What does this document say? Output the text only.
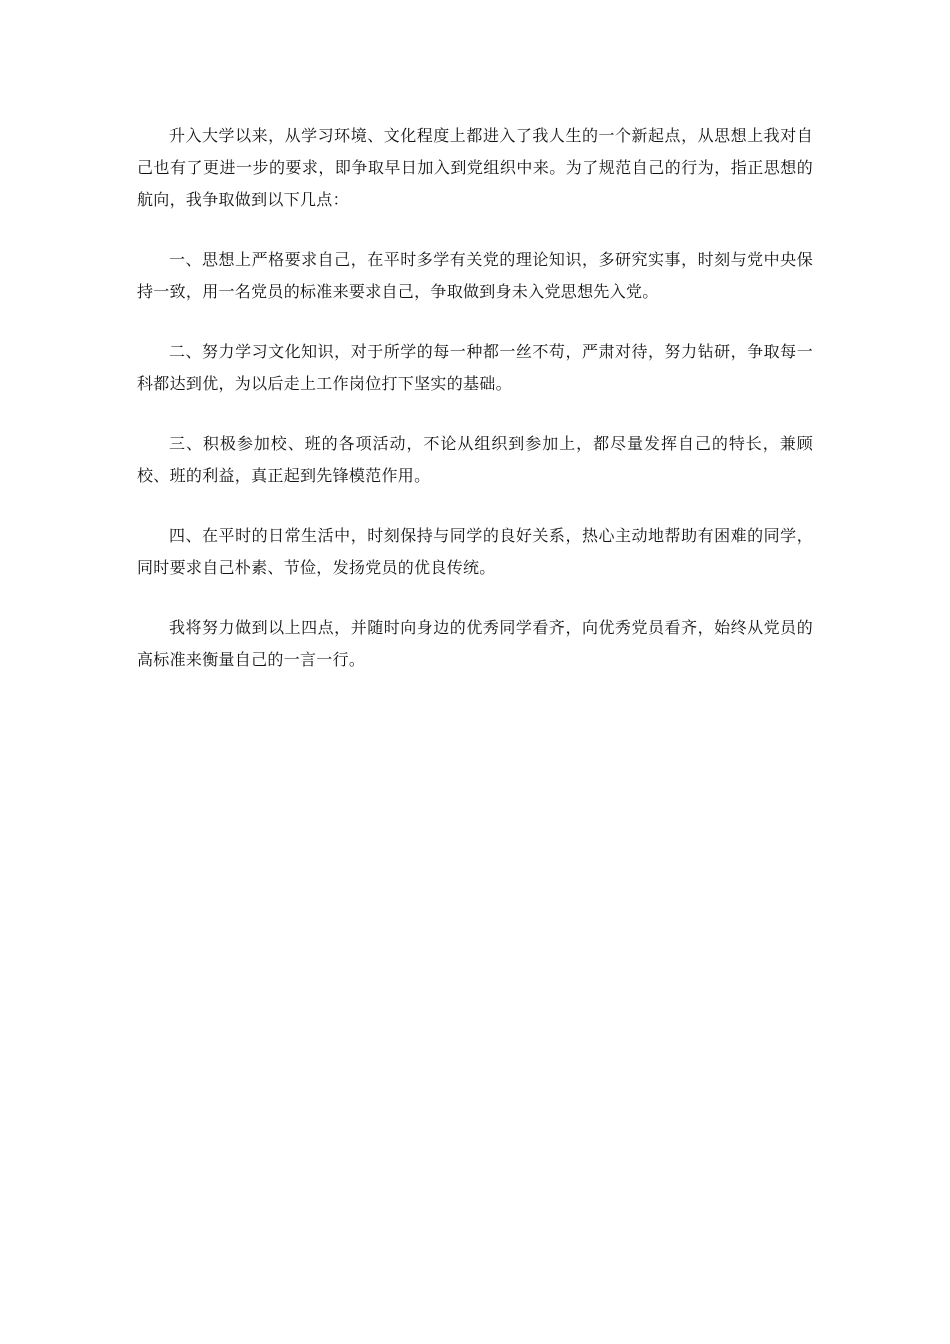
升入大学以来，从学习环境、文化程度上都进入了我人生的一个新起点，从思想上我对自己也有了更进一步的要求，即争取早日加入到党组织中来。为了规范自己的行为，指正思想的航向，我争取做到以下几点：

一、思想上严格要求自己，在平时多学有关党的理论知识，多研究实事，时刻与党中央保持一致，用一名党员的标准来要求自己，争取做到身未入党思想先入党。

二、努力学习文化知识，对于所学的每一种都一丝不苟，严肃对待，努力钻研，争取每一科都达到优，为以后走上工作岗位打下坚实的基础。

三、积极参加校、班的各项活动，不论从组织到参加上，都尽量发挥自己的特长，兼顾校、班的利益，真正起到先锋模范作用。

四、在平时的日常生活中，时刻保持与同学的良好关系，热心主动地帮助有困难的同学，同时要求自己朴素、节俭，发扬党员的优良传统。

我将努力做到以上四点，并随时向身边的优秀同学看齐，向优秀党员看齐，始终从党员的高标准来衡量自己的一言一行。
